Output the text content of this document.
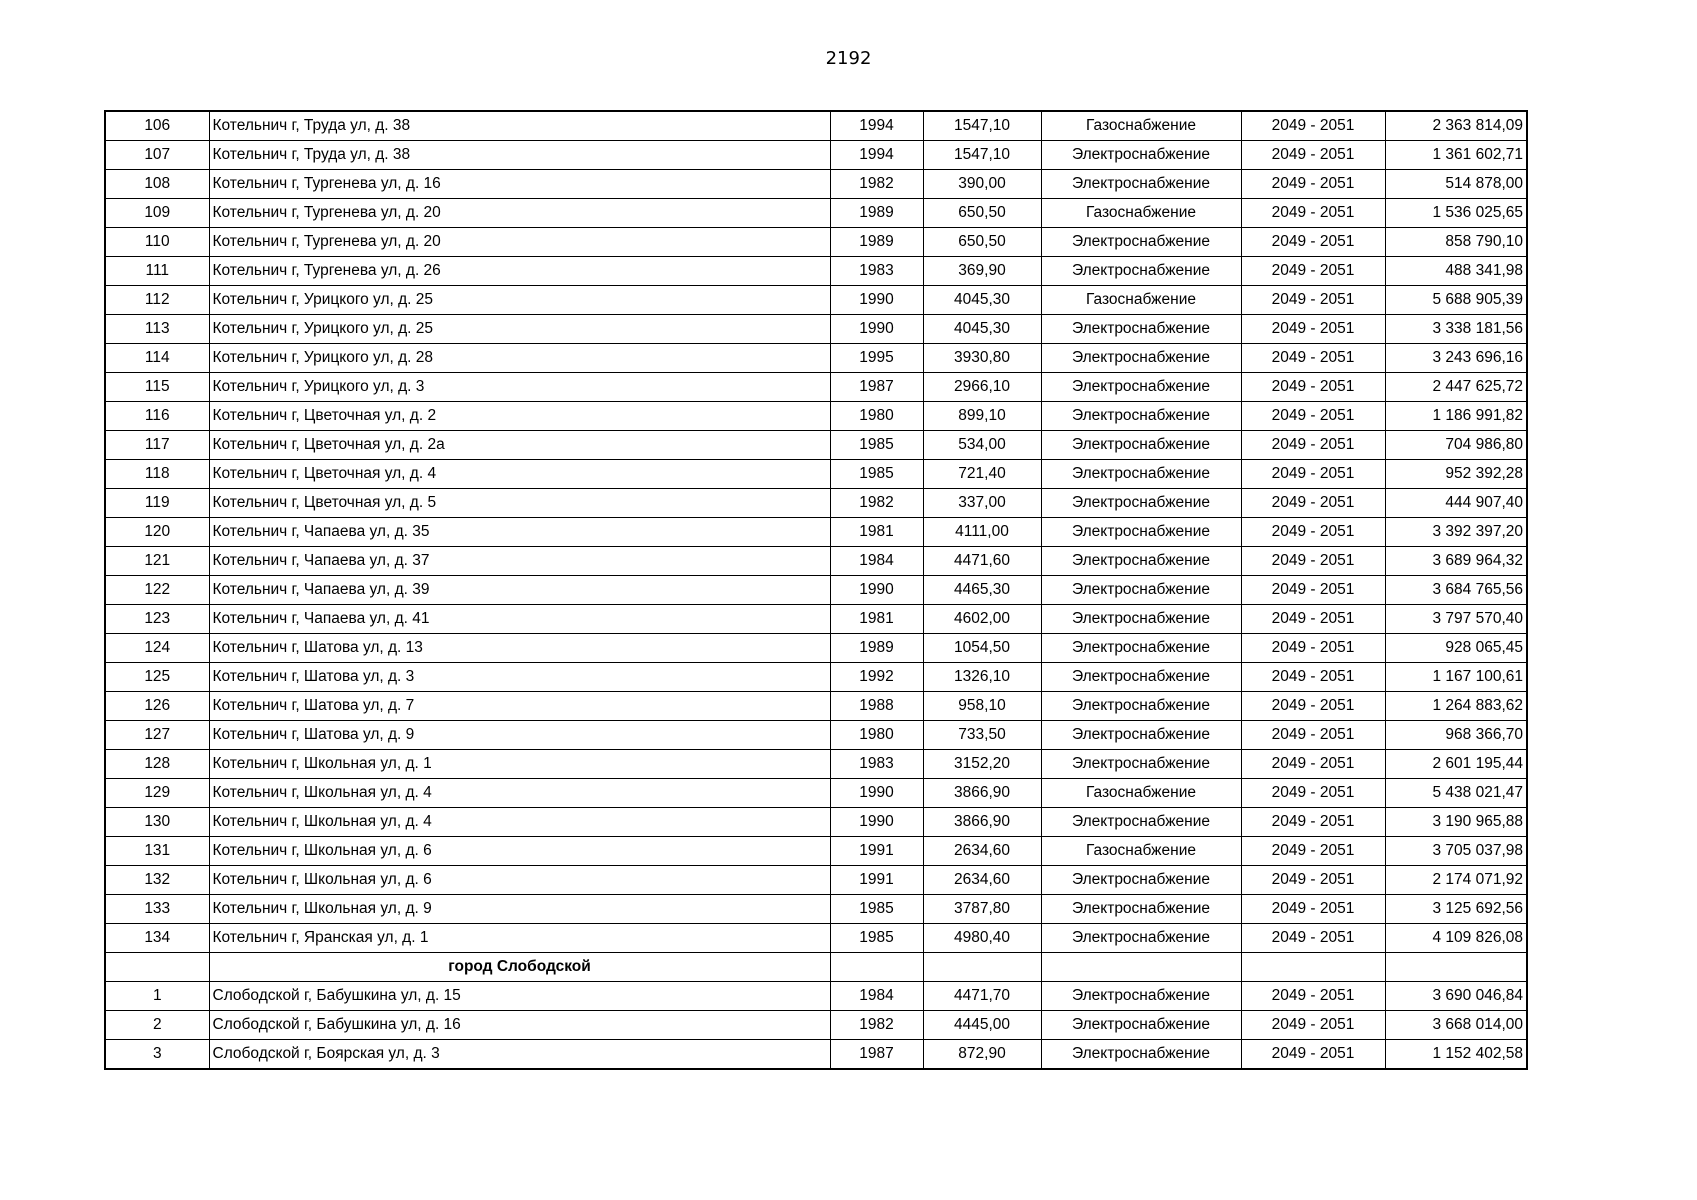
2192
106	Котельнич г, Труда ул, д. 38	1994	1547,10	Газоснабжение	2049 - 2051	2 363 814,09
107	Котельнич г, Труда ул, д. 38	1994	1547,10	Электроснабжение	2049 - 2051	1 361 602,71
108	Котельнич г, Тургенева ул, д. 16	1982	390,00	Электроснабжение	2049 - 2051	514 878,00
109	Котельнич г, Тургенева ул, д. 20	1989	650,50	Газоснабжение	2049 - 2051	1 536 025,65
110	Котельнич г, Тургенева ул, д. 20	1989	650,50	Электроснабжение	2049 - 2051	858 790,10
111	Котельнич г, Тургенева ул, д. 26	1983	369,90	Электроснабжение	2049 - 2051	488 341,98
112	Котельнич г, Урицкого ул, д. 25	1990	4045,30	Газоснабжение	2049 - 2051	5 688 905,39
113	Котельнич г, Урицкого ул, д. 25	1990	4045,30	Электроснабжение	2049 - 2051	3 338 181,56
114	Котельнич г, Урицкого ул, д. 28	1995	3930,80	Электроснабжение	2049 - 2051	3 243 696,16
115	Котельнич г, Урицкого ул, д. 3	1987	2966,10	Электроснабжение	2049 - 2051	2 447 625,72
116	Котельнич г, Цветочная ул, д. 2	1980	899,10	Электроснабжение	2049 - 2051	1 186 991,82
117	Котельнич г, Цветочная ул, д. 2а	1985	534,00	Электроснабжение	2049 - 2051	704 986,80
118	Котельнич г, Цветочная ул, д. 4	1985	721,40	Электроснабжение	2049 - 2051	952 392,28
119	Котельнич г, Цветочная ул, д. 5	1982	337,00	Электроснабжение	2049 - 2051	444 907,40
120	Котельнич г, Чапаева ул, д. 35	1981	4111,00	Электроснабжение	2049 - 2051	3 392 397,20
121	Котельнич г, Чапаева ул, д. 37	1984	4471,60	Электроснабжение	2049 - 2051	3 689 964,32
122	Котельнич г, Чапаева ул, д. 39	1990	4465,30	Электроснабжение	2049 - 2051	3 684 765,56
123	Котельнич г, Чапаева ул, д. 41	1981	4602,00	Электроснабжение	2049 - 2051	3 797 570,40
124	Котельнич г, Шатова ул, д. 13	1989	1054,50	Электроснабжение	2049 - 2051	928 065,45
125	Котельнич г, Шатова ул, д. 3	1992	1326,10	Электроснабжение	2049 - 2051	1 167 100,61
126	Котельнич г, Шатова ул, д. 7	1988	958,10	Электроснабжение	2049 - 2051	1 264 883,62
127	Котельнич г, Шатова ул, д. 9	1980	733,50	Электроснабжение	2049 - 2051	968 366,70
128	Котельнич г, Школьная ул, д. 1	1983	3152,20	Электроснабжение	2049 - 2051	2 601 195,44
129	Котельнич г, Школьная ул, д. 4	1990	3866,90	Газоснабжение	2049 - 2051	5 438 021,47
130	Котельнич г, Школьная ул, д. 4	1990	3866,90	Электроснабжение	2049 - 2051	3 190 965,88
131	Котельнич г, Школьная ул, д. 6	1991	2634,60	Газоснабжение	2049 - 2051	3 705 037,98
132	Котельнич г, Школьная ул, д. 6	1991	2634,60	Электроснабжение	2049 - 2051	2 174 071,92
133	Котельнич г, Школьная ул, д. 9	1985	3787,80	Электроснабжение	2049 - 2051	3 125 692,56
134	Котельнич г, Яранская ул, д. 1	1985	4980,40	Электроснабжение	2049 - 2051	4 109 826,08
	город Слободской					
1	Слободской г, Бабушкина ул, д. 15	1984	4471,70	Электроснабжение	2049 - 2051	3 690 046,84
2	Слободской г, Бабушкина ул, д. 16	1982	4445,00	Электроснабжение	2049 - 2051	3 668 014,00
3	Слободской г, Боярская ул, д. 3	1987	872,90	Электроснабжение	2049 - 2051	1 152 402,58
